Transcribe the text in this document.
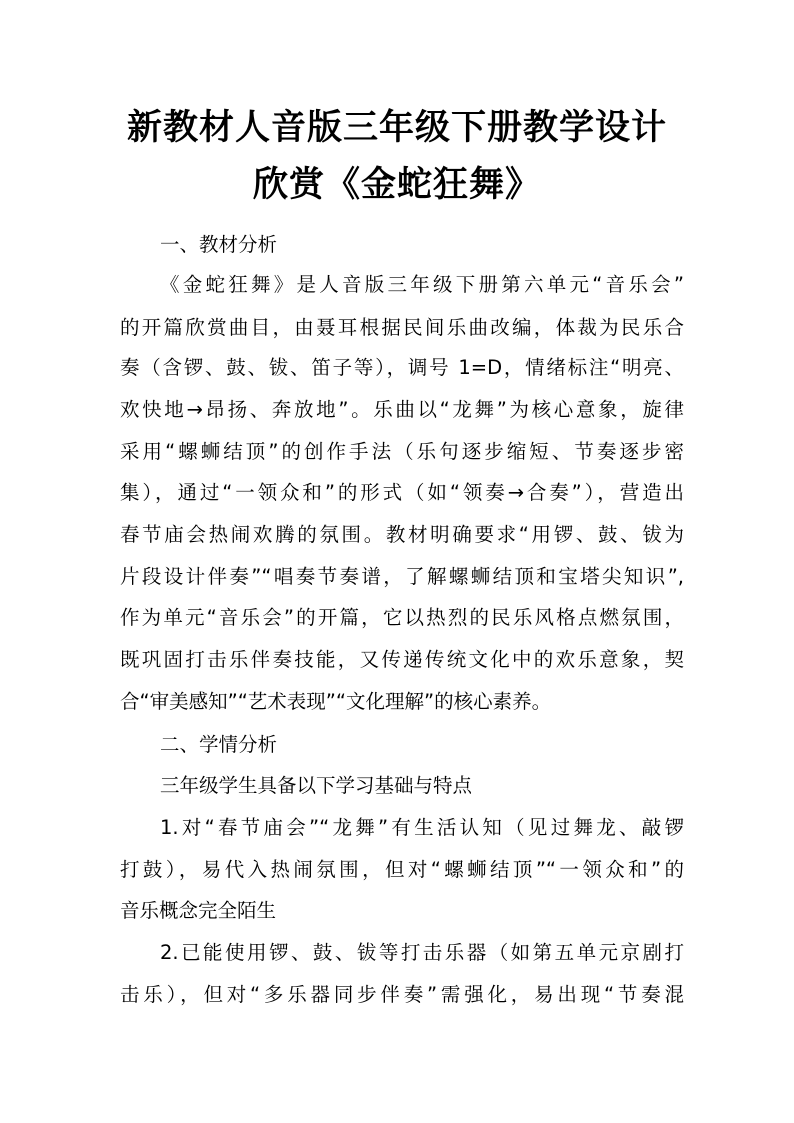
新教材人音版三年级下册教学设计
欣赏《金蛇狂舞》

一、教材分析

《金蛇狂舞》是人音版三年级下册第六单元“音乐会”

的开篇欣赏曲目，由聂耳根据民间乐曲改编，体裁为民乐合

奏（含锣、鼓、钹、笛子等），调号 1=D，情绪标注“明亮、

欢快地→昂扬、奔放地”。乐曲以“龙舞”为核心意象，旋律

采用“螺蛳结顶”的创作手法（乐句逐步缩短、节奏逐步密

集），通过“一领众和”的形式（如“领奏→合奏”），营造出

春节庙会热闹欢腾的氛围。教材明确要求“用锣、鼓、钹为

片段设计伴奏”“唱奏节奏谱，了解螺蛳结顶和宝塔尖知识”,

作为单元“音乐会”的开篇，它以热烈的民乐风格点燃氛围，

既巩固打击乐伴奏技能，又传递传统文化中的欢乐意象，契

合“审美感知”“艺术表现”“文化理解”的核心素养。

二、学情分析

三年级学生具备以下学习基础与特点

1.对“春节庙会”“龙舞”有生活认知（见过舞龙、敲锣

打鼓），易代入热闹氛围，但对“螺蛳结顶”“一领众和”的

音乐概念完全陌生

2.已能使用锣、鼓、钹等打击乐器（如第五单元京剧打

击乐），但对“多乐器同步伴奏”需强化，易出现“节奏混
